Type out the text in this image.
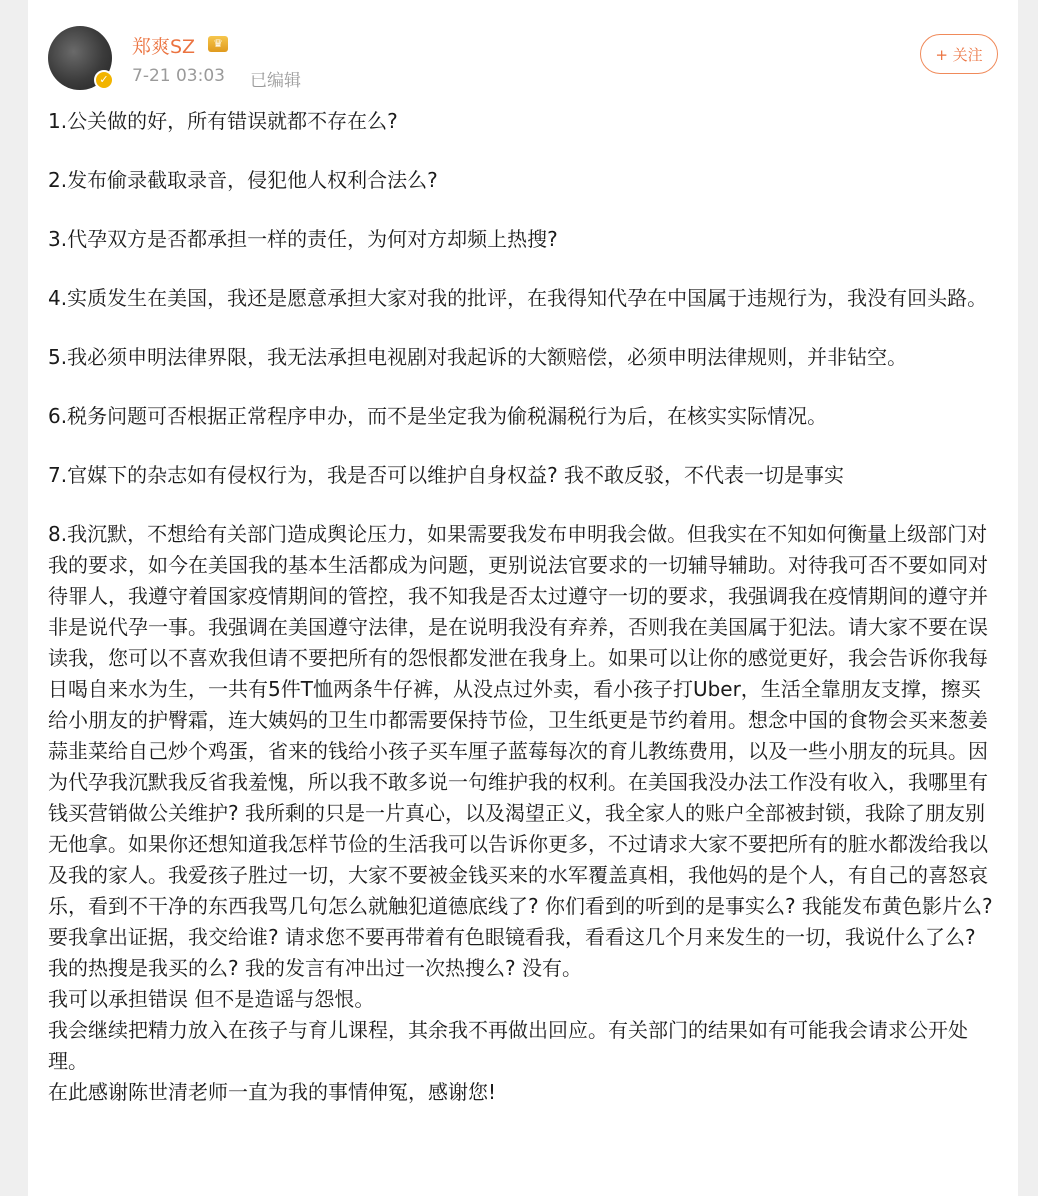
✓
郑爽SZ	♛
7-21 03:03 已编辑
+ 关注

1.公关做的好，所有错误就都不存在么?

2.发布偷录截取录音，侵犯他人权利合法么?

3.代孕双方是否都承担一样的责任，为何对方却频上热搜?

4.实质发生在美国，我还是愿意承担大家对我的批评，在我得知代孕在中国属于违规行为，我没有回头路。

5.我必须申明法律界限，我无法承担电视剧对我起诉的大额赔偿，必须申明法律规则，并非钻空。

6.税务问题可否根据正常程序申办，而不是坐定我为偷税漏税行为后，在核实实际情况。

7.官媒下的杂志如有侵权行为，我是否可以维护自身权益? 我不敢反驳，不代表一切是事实

8.我沉默，不想给有关部门造成舆论压力，如果需要我发布申明我会做。但我实在不知如何衡量上级部门对我的要求，如今在美国我的基本生活都成为问题，更别说法官要求的一切辅导辅助。对待我可否不要如同对待罪人，我遵守着国家疫情期间的管控，我不知我是否太过遵守一切的要求，我强调我在疫情期间的遵守并非是说代孕一事。我强调在美国遵守法律，是在说明我没有弃养，否则我在美国属于犯法。请大家不要在误读我，您可以不喜欢我但请不要把所有的怨恨都发泄在我身上。如果可以让你的感觉更好，我会告诉你我每日喝自来水为生，一共有5件T恤两条牛仔裤，从没点过外卖，看小孩子打Uber，生活全靠朋友支撑，擦买给小朋友的护臀霜，连大姨妈的卫生巾都需要保持节俭，卫生纸更是节约着用。想念中国的食物会买来葱姜蒜韭菜给自己炒个鸡蛋，省来的钱给小孩子买车厘子蓝莓每次的育儿教练费用，以及一些小朋友的玩具。因为代孕我沉默我反省我羞愧，所以我不敢多说一句维护我的权利。在美国我没办法工作没有收入，我哪里有钱买营销做公关维护? 我所剩的只是一片真心，以及渴望正义，我全家人的账户全部被封锁，我除了朋友别无他拿。如果你还想知道我怎样节俭的生活我可以告诉你更多，不过请求大家不要把所有的脏水都泼给我以及我的家人。我爱孩子胜过一切，大家不要被金钱买来的水军覆盖真相，我他妈的是个人，有自己的喜怒哀乐，看到不干净的东西我骂几句怎么就触犯道德底线了? 你们看到的听到的是事实么? 我能发布黄色影片么? 要我拿出证据，我交给谁? 请求您不要再带着有色眼镜看我，看看这几个月来发生的一切，我说什么了么? 我的热搜是我买的么? 我的发言有冲出过一次热搜么? 没有。

我可以承担错误 但不是造谣与怨恨。

我会继续把精力放入在孩子与育儿课程，其余我不再做出回应。有关部门的结果如有可能我会请求公开处理。

在此感谢陈世清老师一直为我的事情伸冤，感谢您!
